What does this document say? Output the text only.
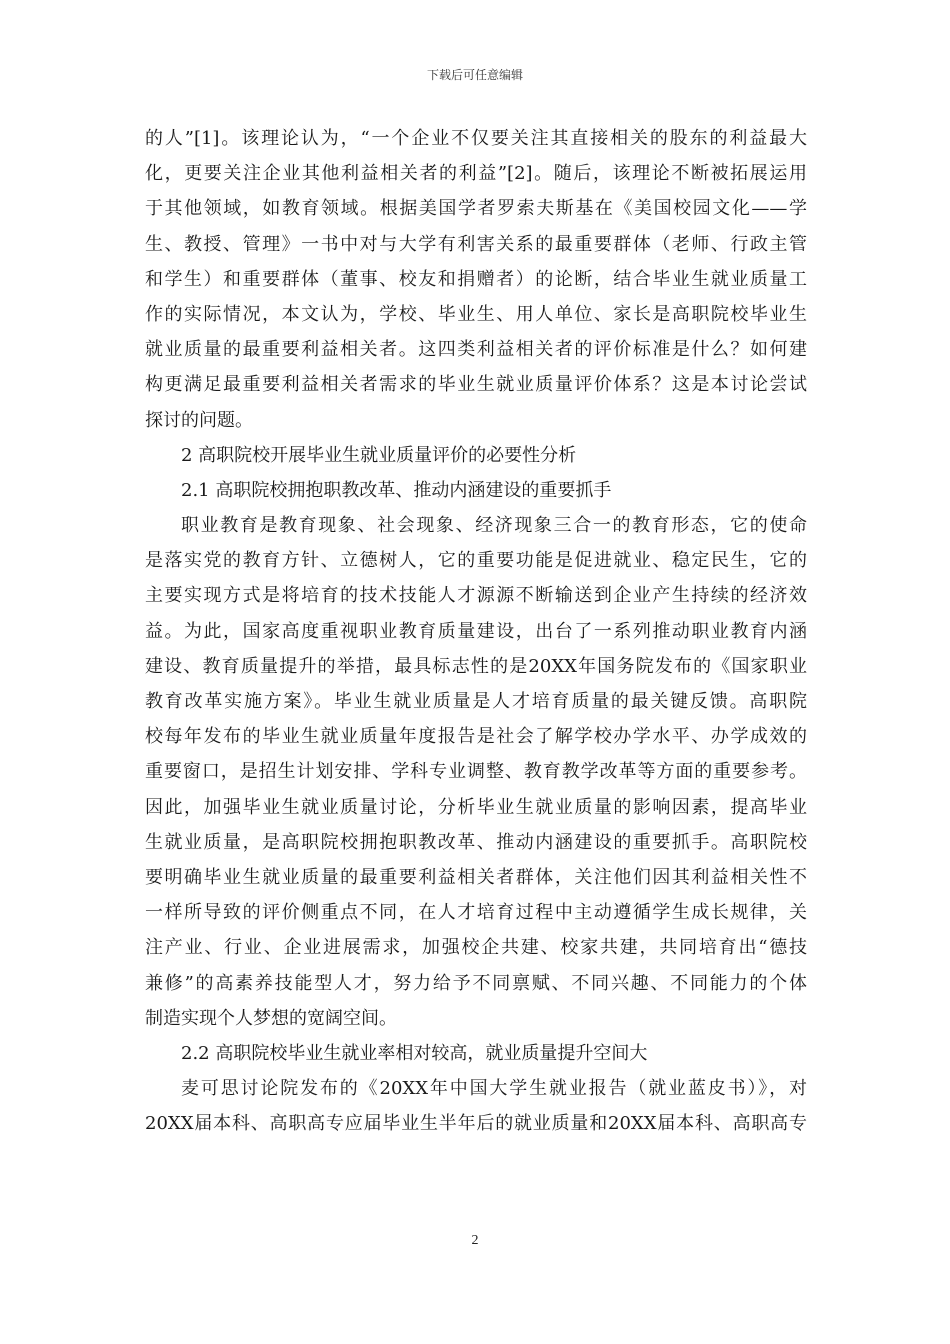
下载后可任意编辑
的人”[1]。该理论认为，“一个企业不仅要关注其直接相关的股东的利益最大
化，更要关注企业其他利益相关者的利益”[2]。随后，该理论不断被拓展运用
于其他领域，如教育领域。根据美国学者罗索夫斯基在《美国校园文化——学
生、教授、管理》一书中对与大学有利害关系的最重要群体（老师、行政主管
和学生）和重要群体（董事、校友和捐赠者）的论断，结合毕业生就业质量工
作的实际情况，本文认为，学校、毕业生、用人单位、家长是高职院校毕业生
就业质量的最重要利益相关者。这四类利益相关者的评价标准是什么？如何建
构更满足最重要利益相关者需求的毕业生就业质量评价体系？这是本讨论尝试
探讨的问题。
2 高职院校开展毕业生就业质量评价的必要性分析
2.1 高职院校拥抱职教改革、推动内涵建设的重要抓手
职业教育是教育现象、社会现象、经济现象三合一的教育形态，它的使命
是落实党的教育方针、立德树人，它的重要功能是促进就业、稳定民生，它的
主要实现方式是将培育的技术技能人才源源不断输送到企业产生持续的经济效
益。为此，国家高度重视职业教育质量建设，出台了一系列推动职业教育内涵
建设、教育质量提升的举措，最具标志性的是20XX年国务院发布的《国家职业
教育改革实施方案》。毕业生就业质量是人才培育质量的最关键反馈。高职院
校每年发布的毕业生就业质量年度报告是社会了解学校办学水平、办学成效的
重要窗口，是招生计划安排、学科专业调整、教育教学改革等方面的重要参考。
因此，加强毕业生就业质量讨论，分析毕业生就业质量的影响因素，提高毕业
生就业质量，是高职院校拥抱职教改革、推动内涵建设的重要抓手。高职院校
要明确毕业生就业质量的最重要利益相关者群体，关注他们因其利益相关性不
一样所导致的评价侧重点不同，在人才培育过程中主动遵循学生成长规律，关
注产业、行业、企业进展需求，加强校企共建、校家共建，共同培育出“德技
兼修”的高素养技能型人才，努力给予不同禀赋、不同兴趣、不同能力的个体
制造实现个人梦想的宽阔空间。
2.2 高职院校毕业生就业率相对较高，就业质量提升空间大
麦可思讨论院发布的《20XX年中国大学生就业报告（就业蓝皮书）》，对
20XX届本科、高职高专应届毕业生半年后的就业质量和20XX届本科、高职高专
2
